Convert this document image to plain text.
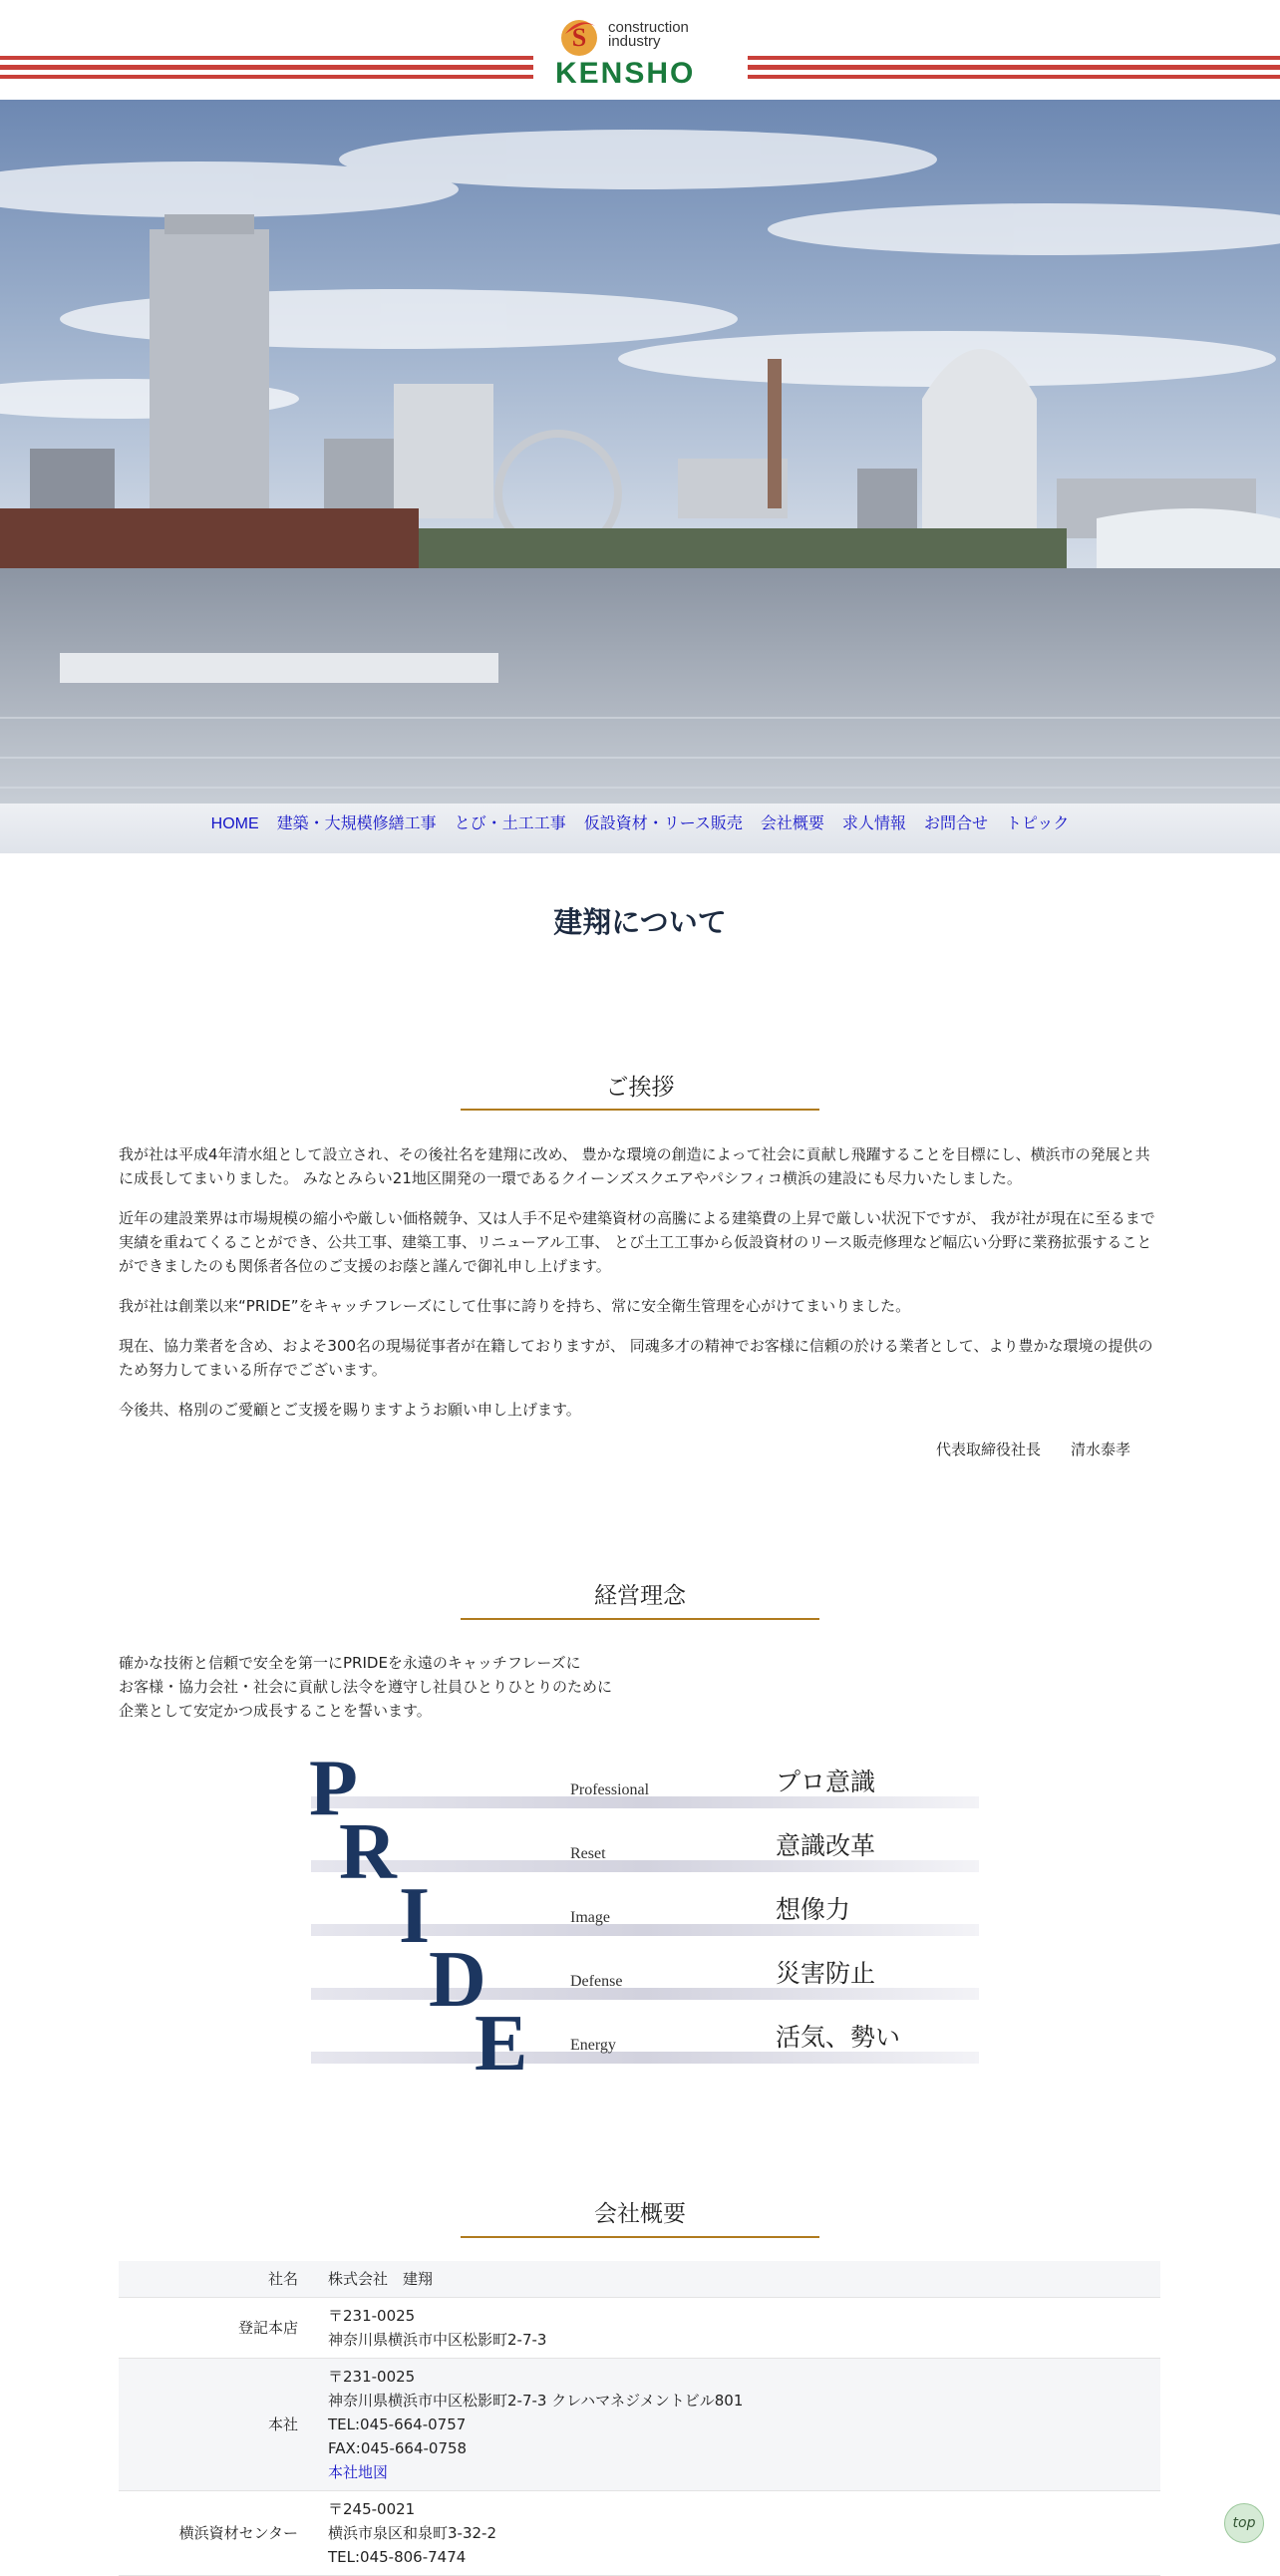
S construction
industry
KENSHO
HOME	建築・大規模修繕工事	とび・土工工事	仮設資材・リース販売	会社概要	求人情報	お問合せ	トピック
建翔について
ご挨拶

我が社は平成4年清水組として設立され、その後社名を建翔に改め、 豊かな環境の創造によって社会に貢献し飛躍することを目標にし、横浜市の発展と共に成長してまいりました。 みなとみらい21地区開発の一環であるクイーンズスクエアやパシフィコ横浜の建設にも尽力いたしました。

近年の建設業界は市場規模の縮小や厳しい価格競争、又は人手不足や建築資材の高騰による建築費の上昇で厳しい状況下ですが、 我が社が現在に至るまで実績を重ねてくることができ、公共工事、建築工事、リニューアル工事、 とび土工工事から仮設資材のリース販売修理など幅広い分野に業務拡張することができましたのも関係者各位のご支援のお蔭と謹んで御礼申し上げます。

我が社は創業以来“PRIDE”をキャッチフレーズにして仕事に誇りを持ち、常に安全衛生管理を心がけてまいりました。

現在、協力業者を含め、およそ300名の現場従事者が在籍しておりますが、 同魂多才の精神でお客様に信頼の於ける業者として、より豊かな環境の提供のため努力してまいる所存でございます。

今後共、格別のご愛顧とご支援を賜りますようお願い申し上げます。

代表取締役社長　　清水泰孝

経営理念
確かな技術と信頼で安全を第一にPRIDEを永遠のキャッチフレーズに
お客様・協力会社・社会に貢献し法令を遵守し社員ひとりひとりのために
企業として安定かつ成長することを誓います。
P
R
I
D
E
Professional
Reset
Image
Defense
Energy
プロ意識
意識改革
想像力
災害防止
活気、勢い
会社概要
社名	株式会社　建翔

登記本店	〒231-0025
神奈川県横浜市中区松影町2-7-3

本社	〒231-0025
神奈川県横浜市中区松影町2-7-3 クレハマネジメントビル801
TEL:045-664-0757
FAX:045-664-0758
本社地図

横浜資材センター	〒245-0021
横浜市泉区和泉町3-32-2
TEL:045-806-7474
top
